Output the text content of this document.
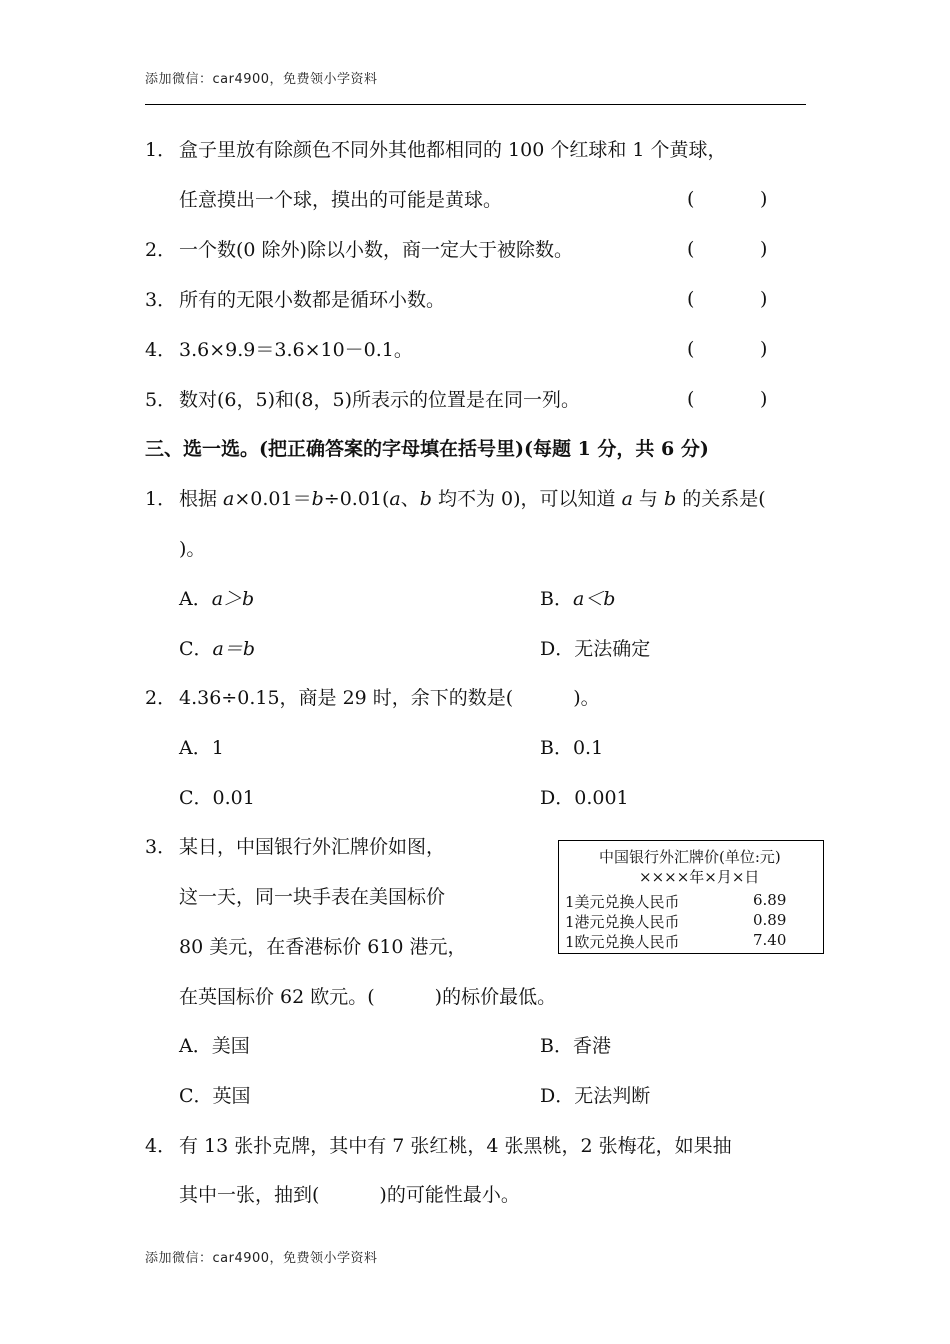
添加微信：car4900，免费领小学资料
1． 盒子里放有除颜色不同外其他都相同的 100 个红球和 1 个黄球，
任意摸出一个球，摸出的可能是黄球。	(	)
2． 一个数(0 除外)除以小数，商一定大于被除数。	(	)
3． 所有的无限小数都是循环小数。	(	)
4． 3.6×9.9＝3.6×10－0.1。	(	)
5． 数对(6，5)和(8，5)所表示的位置是在同一列。	(	)
三、选一选。(把正确答案的字母填在括号里)(每题 1 分，共 6 分)
1． 根据 a×0.01＝b÷0.01(a、b 均不为 0)，可以知道 a 与 b 的关系是(
)。
A．a＞b	B．a＜b
C．a＝b	D．无法确定
2． 4.36÷0.15，商是 29 时，余下的数是(	)。
A．1	B．0.1
C．0.01	D．0.001
3． 某日，中国银行外汇牌价如图，
这一天，同一块手表在美国标价
80 美元，在香港标价 610 港元，
在英国标价 62 欧元。(	)的标价最低。
中国银行外汇牌价(单位:元)
××××年×月×日
1美元兑换人民币	6.89
1港元兑换人民币	0.89
1欧元兑换人民币	7.40
A．美国	B．香港
C．英国	D．无法判断
4． 有 13 张扑克牌，其中有 7 张红桃，4 张黑桃，2 张梅花，如果抽
其中一张，抽到(	)的可能性最小。
添加微信：car4900，免费领小学资料
